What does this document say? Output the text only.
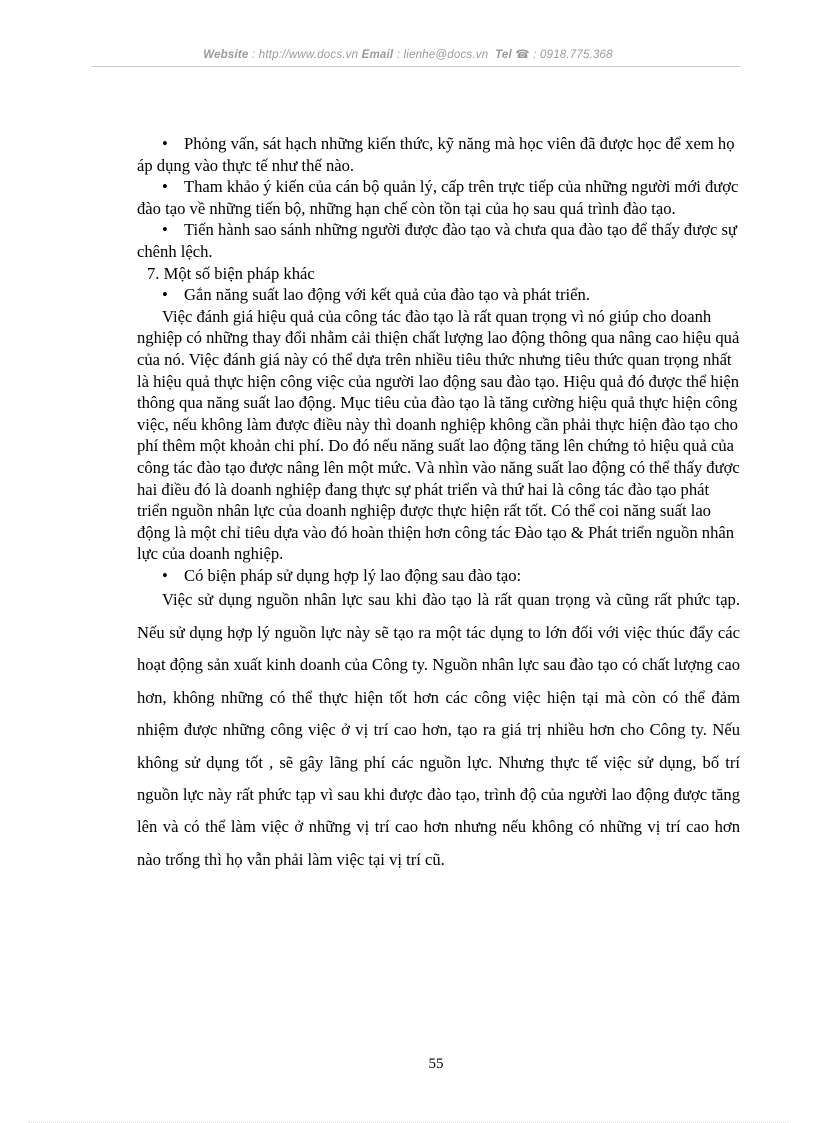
Website : http://www.docs.vn Email : lienhe@docs.vn Tel ☎ : 0918.775.368

• Phỏng vấn, sát hạch những kiến thức, kỹ năng mà học viên đã được học để xem họ áp dụng vào thực tế như thế nào.

• Tham khảo ý kiến của cán bộ quản lý, cấp trên trực tiếp của những người mới được đào tạo về những tiến bộ, những hạn chế còn tồn tại của họ sau quá trình đào tạo.

• Tiến hành sao sánh những người được đào tạo và chưa qua đào tạo để thấy được sự chênh lệch.

7. Một số biện pháp khác

• Gắn năng suất lao động với kết quả của đào tạo và phát triển.

Việc đánh giá hiệu quả của công tác đào tạo là rất quan trọng vì nó giúp cho doanh nghiệp có những thay đổi nhằm cải thiện chất lượng lao động thông qua nâng cao hiệu quả của nó. Việc đánh giá này có thể dựa trên nhiều tiêu thức nhưng tiêu thức quan trọng nhất là hiệu quả thực hiện công việc của người lao động sau đào tạo. Hiệu quả đó được thể hiện thông qua năng suất lao động. Mục tiêu của đào tạo là tăng cường hiệu quả thực hiện công việc, nếu không làm được điều này thì doanh nghiệp không cần phải thực hiện đào tạo cho phí thêm một khoản chi phí. Do đó nếu năng suất lao động tăng lên chứng tỏ hiệu quả của công tác đào tạo được nâng lên một mức. Và nhìn vào năng suất lao động có thể thấy được hai điều đó là doanh nghiệp đang thực sự phát triển và thứ hai là công tác đào tạo phát triển nguồn nhân lực của doanh nghiệp được thực hiện rất tốt. Có thể coi năng suất lao động là một chỉ tiêu dựa vào đó hoàn thiện hơn công tác Đào tạo & Phát triển nguồn nhân lực của doanh nghiệp.

• Có biện pháp sử dụng hợp lý lao động sau đào tạo:

Việc sử dụng nguồn nhân lực sau khi đào tạo là rất quan trọng và cũng rất phức tạp. Nếu sử dụng hợp lý nguồn lực này sẽ tạo ra một tác dụng to lớn đối với việc thúc đẩy các hoạt động sản xuất kinh doanh của Công ty. Nguồn nhân lực sau đào tạo có chất lượng cao hơn, không những có thể thực hiện tốt hơn các công việc hiện tại mà còn có thể đảm nhiệm được những công việc ở vị trí cao hơn, tạo ra giá trị nhiều hơn cho Công ty. Nếu không sử dụng tốt , sẽ gây lãng phí các nguồn lực. Nhưng thực tế việc sử dụng, bố trí nguồn lực này rất phức tạp vì sau khi được đào tạo, trình độ của người lao động được tăng lên và có thể làm việc ở những vị trí cao hơn nhưng nếu không có những vị trí cao hơn nào trống thì họ vẫn phải làm việc tại vị trí cũ.

55
